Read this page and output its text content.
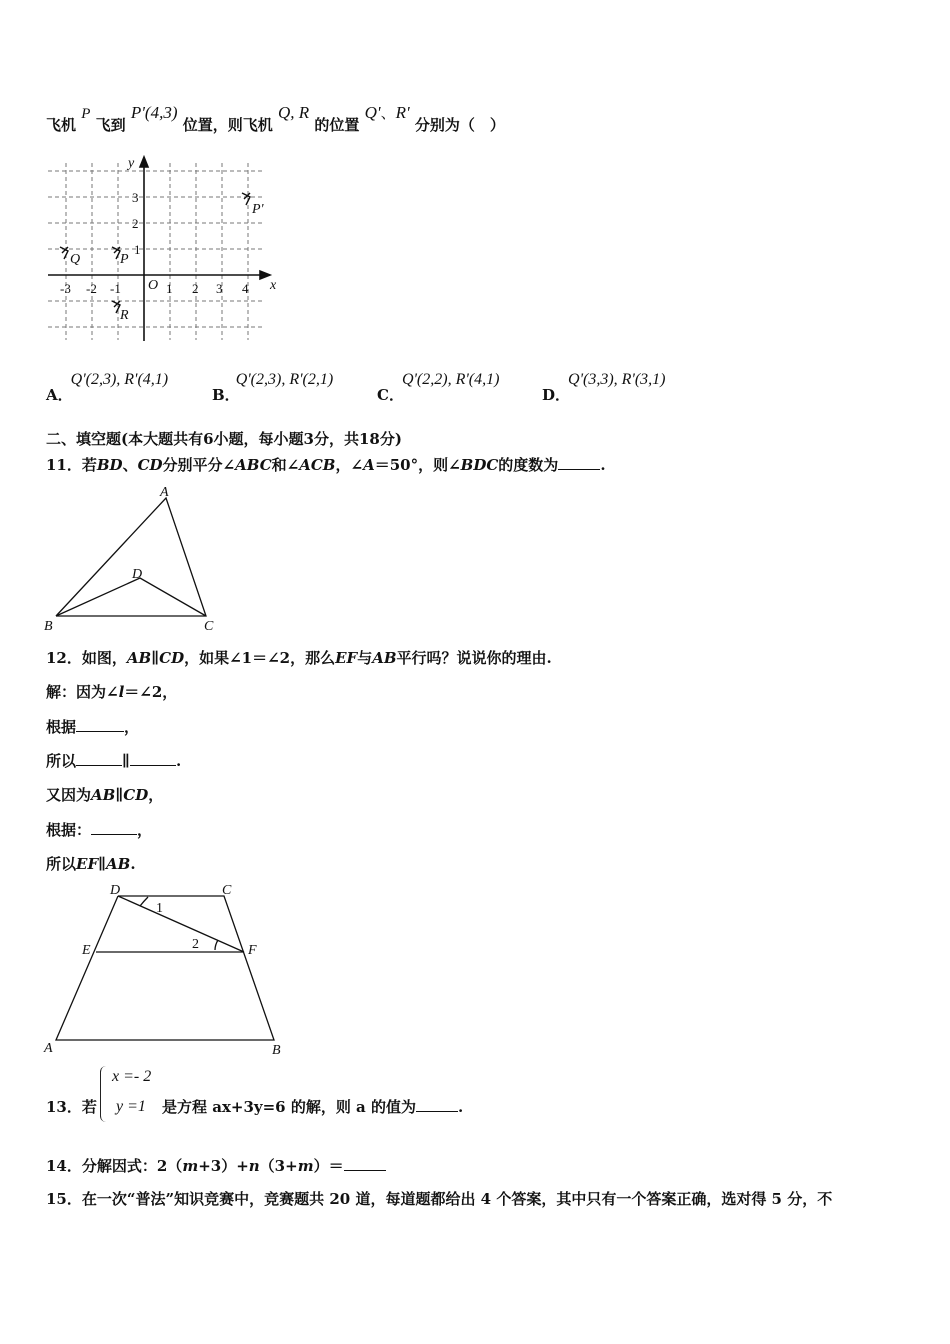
飞机 P 飞到 P'(4,3) 位置，则飞机 Q, R 的位置 Q'、R' 分别为（　）
x
y
O
-3 -2 -1	1 2 3 4
3
2
1
Q	P
R
P'
A．Q'(2,3), R'(4,1)
B．Q'(2,3), R'(2,1)
C．Q'(2,2), R'(4,1)
D．Q'(3,3), R'(3,1)
二、填空题(本大题共有6小题，每小题3分，共18分)
11．若BD、CD分别平分∠ABC和∠ACB，∠A＝50°，则∠BDC的度数为	.
A
B	C
D
12．如图，AB∥CD，如果∠1＝∠2，那么EF与AB平行吗？说说你的理由.
解：因为∠l＝∠2，
根据	，
所以	∥	.
又因为AB∥CD，
根据：	，
所以EF∥AB.
D	C
E	F
A	B
1
2
13．若
x =- 2
y =1 是方程 ax+3y=6 的解，则 a 的值为	.
14．分解因式：2（m+3）+n（3+m）＝
15．在一次“普法”知识竞赛中，竞赛题共 20 道，每道题都给出 4 个答案，其中只有一个答案正确，选对得 5 分，不
